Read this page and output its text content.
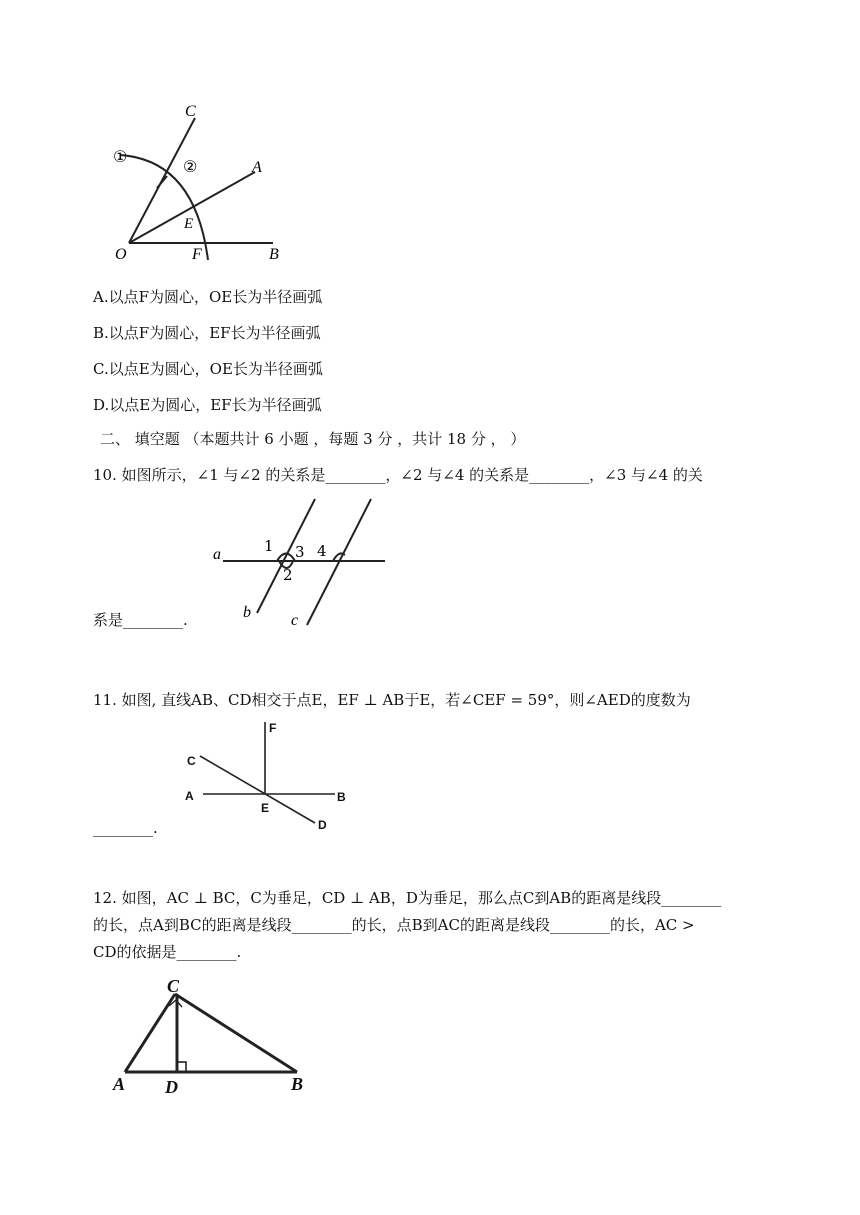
C
A
B
O	F
E
①
②
A.以点F为圆心，OE长为半径画弧
B.以点F为圆心，EF长为半径画弧
C.以点E为圆心，OE长为半径画弧
D.以点E为圆心，EF长为半径画弧
二、 填空题 （本题共计 6 小题 ，每题 3 分 ，共计 18 分 ， ）
10. 如图所示，∠1 与∠2 的关系是________，∠2 与∠4 的关系是________，∠3 与∠4 的关
a
b	c
1
2
3 4
系是________.
11. 如图, 直线AB、CD相交于点E，EF ⊥ AB于E，若∠CEF = 59°，则∠AED的度数为
F
C
A
E
B
D
________.
12. 如图，AC ⊥ BC，C为垂足，CD ⊥ AB，D为垂足，那么点C到AB的距离是线段________
的长，点A到BC的距离是线段________的长，点B到AC的距离是线段________的长，AC >
CD的依据是________.
C
A D	B
